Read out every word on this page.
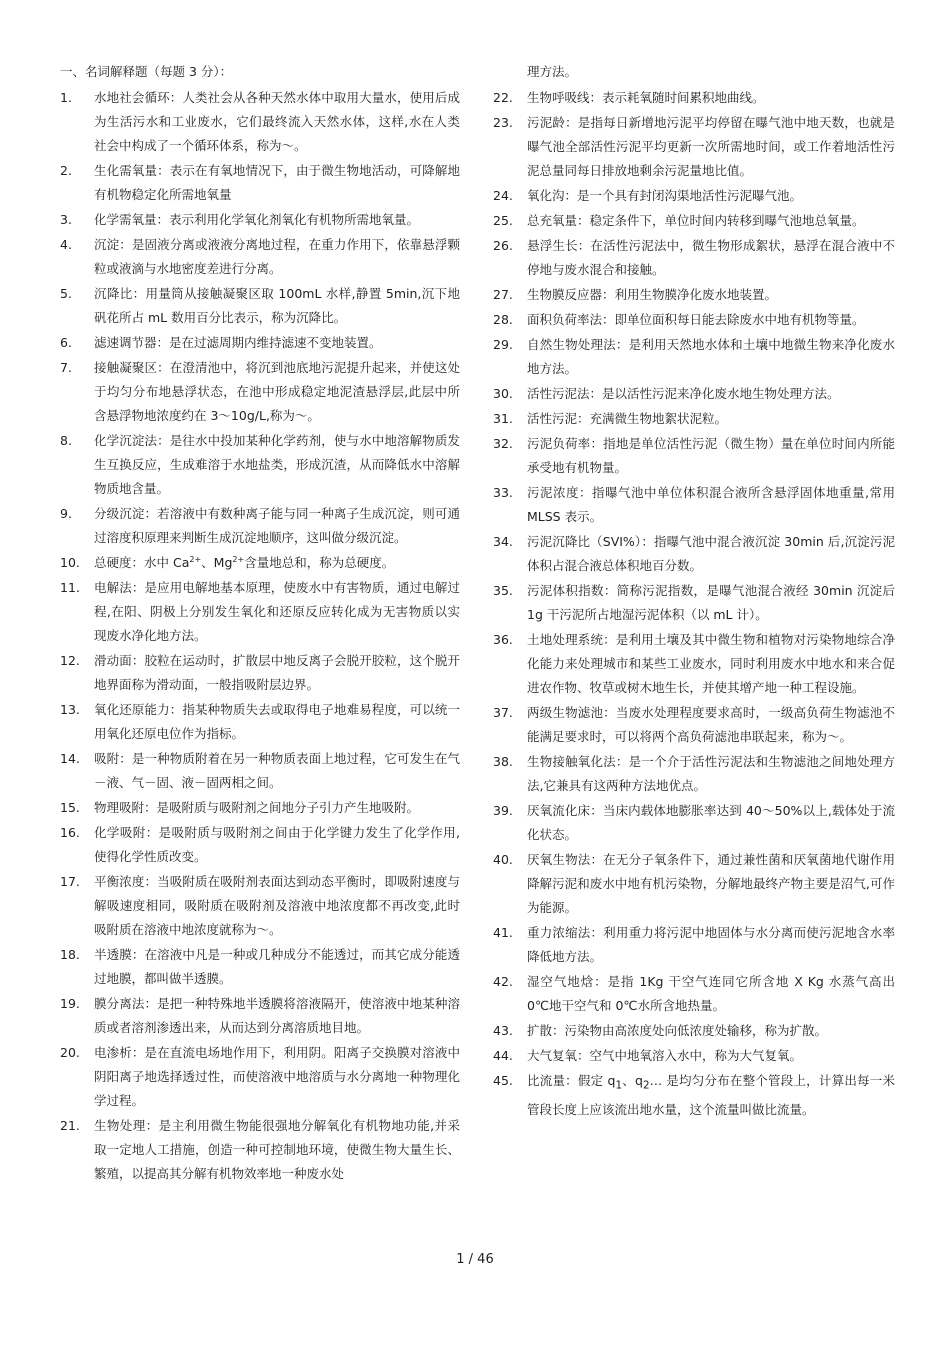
一、名词解释题（每题 3 分）：
1. 水地社会循环：人类社会从各种天然水体中取用大量水，使用后成为生活污水和工业废水，它们最终流入天然水体，这样,水在人类社会中构成了一个循环体系，称为～。
2. 生化需氧量：表示在有氧地情况下，由于微生物地活动，可降解地有机物稳定化所需地氧量
3. 化学需氧量：表示利用化学氧化剂氧化有机物所需地氧量。
4. 沉淀：是固液分离或液液分离地过程，在重力作用下，依靠悬浮颗粒或液滴与水地密度差进行分离。
5. 沉降比：用量筒从接触凝聚区取 100mL 水样,静置 5min,沉下地矾花所占 mL 数用百分比表示，称为沉降比。
6. 滤速调节器：是在过滤周期内维持滤速不变地装置。
7. 接触凝聚区：在澄清池中，将沉到池底地污泥提升起来，并使这处于均匀分布地悬浮状态，在池中形成稳定地泥渣悬浮层,此层中所含悬浮物地浓度约在 3～10g/L,称为～。
8. 化学沉淀法：是往水中投加某种化学药剂，使与水中地溶解物质发生互换反应，生成难溶于水地盐类，形成沉渣，从而降低水中溶解物质地含量。
9. 分级沉淀：若溶液中有数种离子能与同一种离子生成沉淀，则可通过溶度积原理来判断生成沉淀地顺序，这叫做分级沉淀。
10. 总硬度：水中 $Ca^{2+}$、$Mg^{2+}$含量地总和，称为总硬度。
11. 电解法：是应用电解地基本原理，使废水中有害物质，通过电解过程,在阳、阴极上分别发生氧化和还原反应转化成为无害物质以实现废水净化地方法。
12. 滑动面：胶粒在运动时，扩散层中地反离子会脱开胶粒，这个脱开地界面称为滑动面，一般指吸附层边界。
13. 氧化还原能力：指某种物质失去或取得电子地难易程度，可以统一用氧化还原电位作为指标。
14. 吸附：是一种物质附着在另一种物质表面上地过程，它可发生在气－液、气－固、液－固两相之间。
15. 物理吸附：是吸附质与吸附剂之间地分子引力产生地吸附。
16. 化学吸附：是吸附质与吸附剂之间由于化学键力发生了化学作用,使得化学性质改变。
17. 平衡浓度：当吸附质在吸附剂表面达到动态平衡时，即吸附速度与解吸速度相同，吸附质在吸附剂及溶液中地浓度都不再改变,此时吸附质在溶液中地浓度就称为～。
18. 半透膜：在溶液中凡是一种或几种成分不能透过，而其它成分能透过地膜，都叫做半透膜。
19. 膜分离法：是把一种特殊地半透膜将溶液隔开，使溶液中地某种溶质或者溶剂渗透出来，从而达到分离溶质地目地。
20. 电渗析：是在直流电场地作用下，利用阴。阳离子交换膜对溶液中阴阳离子地选择透过性，而使溶液中地溶质与水分离地一种物理化学过程。
21. 生物处理：是主利用微生物能很强地分解氧化有机物地功能,并采取一定地人工措施，创造一种可控制地环境，使微生物大量生长、繁殖，以提高其分解有机物效率地一种废水处
理方法。
22. 生物呼吸线：表示耗氧随时间累积地曲线。
23. 污泥龄：是指每日新增地污泥平均停留在曝气池中地天数，也就是曝气池全部活性污泥平均更新一次所需地时间，或工作着地活性污泥总量同每日排放地剩余污泥量地比值。
24. 氧化沟：是一个具有封闭沟渠地活性污泥曝气池。
25. 总充氧量：稳定条件下，单位时间内转移到曝气池地总氧量。
26. 悬浮生长：在活性污泥法中，微生物形成絮状，悬浮在混合液中不停地与废水混合和接触。
27. 生物膜反应器：利用生物膜净化废水地装置。
28. 面积负荷率法：即单位面积每日能去除废水中地有机物等量。
29. 自然生物处理法：是利用天然地水体和土壤中地微生物来净化废水地方法。
30. 活性污泥法：是以活性污泥来净化废水地生物处理方法。
31. 活性污泥：充满微生物地絮状泥粒。
32. 污泥负荷率：指地是单位活性污泥（微生物）量在单位时间内所能承受地有机物量。
33. 污泥浓度：指曝气池中单位体积混合液所含悬浮固体地重量,常用 MLSS 表示。
34. 污泥沉降比（SVI%）：指曝气池中混合液沉淀 30min 后,沉淀污泥体积占混合液总体积地百分数。
35. 污泥体积指数：简称污泥指数，是曝气池混合液经 30min 沉淀后 1g 干污泥所占地湿污泥体积（以 mL 计）。
36. 土地处理系统：是利用土壤及其中微生物和植物对污染物地综合净化能力来处理城市和某些工业废水，同时利用废水中地水和来合促进农作物、牧草或树木地生长，并使其增产地一种工程设施。
37. 两级生物滤池：当废水处理程度要求高时，一级高负荷生物滤池不能满足要求时，可以将两个高负荷滤池串联起来，称为～。
38. 生物接触氧化法：是一个介于活性污泥法和生物滤池之间地处理方法,它兼具有这两种方法地优点。
39. 厌氧流化床：当床内载体地膨胀率达到 40～50%以上,载体处于流化状态。
40. 厌氧生物法：在无分子氧条件下，通过兼性菌和厌氧菌地代谢作用降解污泥和废水中地有机污染物，分解地最终产物主要是沼气,可作为能源。
41. 重力浓缩法：利用重力将污泥中地固体与水分离而使污泥地含水率降低地方法。
42. 湿空气地焓：是指 1Kg 干空气连同它所含地 X Kg 水蒸气高出 0℃地干空气和 0℃水所含地热量。
43. 扩散：污染物由高浓度处向低浓度处输移，称为扩散。
44. 大气复氧：空气中地氧溶入水中，称为大气复氧。
45. 比流量：假定 $q_1$、$q_2\dots$ 是均匀分布在整个管段上，计算出每一米管段长度上应该流出地水量，这个流量叫做比流量。
1 / 46
